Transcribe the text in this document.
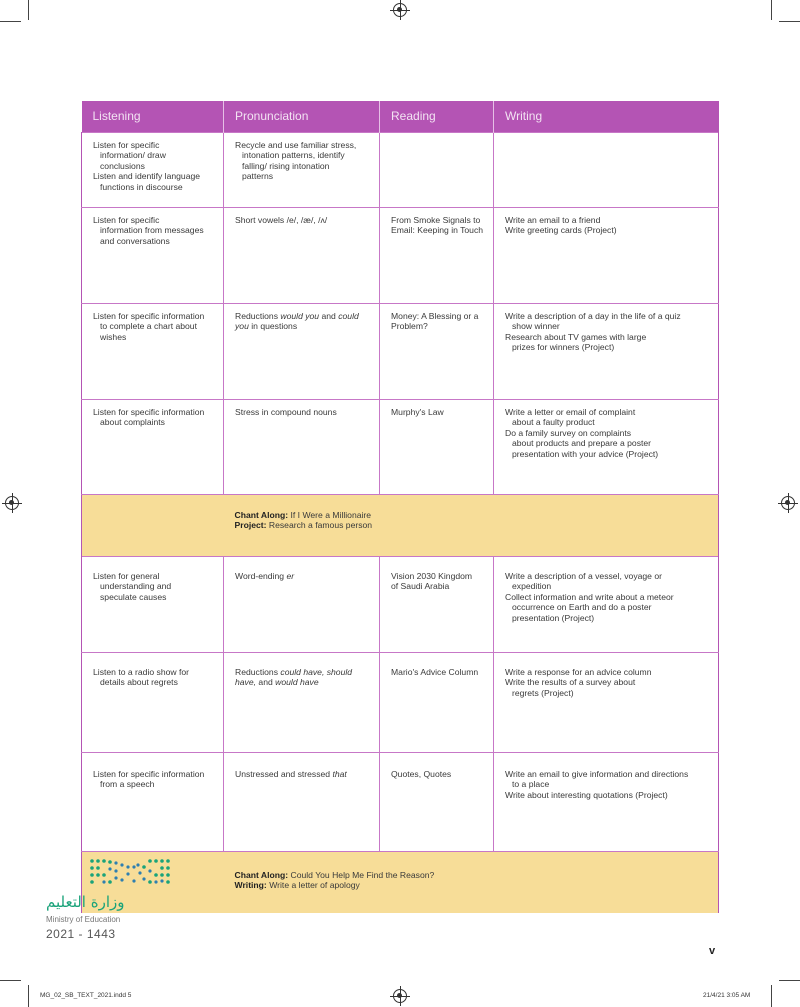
Listening	Pronunciation	Reading	Writing

Listen for specific
information/ draw
conclusions
Listen and identify language
functions in discourse	Recycle and use familiar stress,
intonation patterns, identify
falling/ rising intonation
patterns		

Listen for specific
information from messages
and conversations	Short vowels /e/, /æ/, /ʌ/	From Smoke Signals to
Email: Keeping in Touch	Write an email to a friend
Write greeting cards (Project)

Listen for specific information
to complete a chart about
wishes	Reductions would you and could
you in questions	Money: A Blessing or a
Problem?	Write a description of a day in the life of a quiz
show winner
Research about TV games with large
prizes for winners (Project)

Listen for specific information
about complaints	Stress in compound nouns	Murphy's Law	Write a letter or email of complaint
about a faulty product
Do a family survey on complaints
about products and prepare a poster
presentation with your advice (Project)

	Chant Along: If I Were a Millionaire
Project: Research a famous person		

Listen for general
understanding and
speculate causes	Word-ending er	Vision 2030 Kingdom
of Saudi Arabia	Write a description of a vessel, voyage or
expedition
Collect information and write about a meteor
occurrence on Earth and do a poster
presentation (Project)

Listen to a radio show for
details about regrets	Reductions could have, should
have, and would have	Mario's Advice Column	Write a response for an advice column
Write the results of a survey about
regrets (Project)

Listen for specific information
from a speech	Unstressed and stressed that	Quotes, Quotes	Write an email to give information and directions
to a place
Write about interesting quotations (Project)

	Chant Along: Could You Help Me Find the Reason?
Writing: Write a letter of apology		
وزارة التعليم
Ministry of Education
2021 - 1443
v
MG_02_SB_TEXT_2021.indd 5	21/4/21 3:05 AM
